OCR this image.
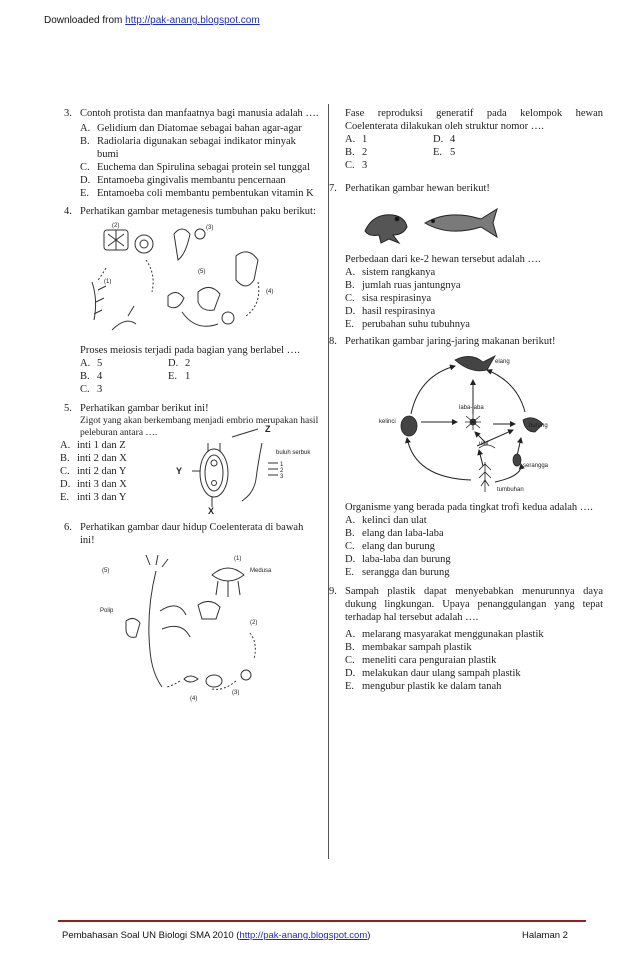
Downloaded from http://pak-anang.blogspot.com
3. Contoh protista dan manfaatnya bagi manusia adalah ….
A. Gelidium dan Diatomae sebagai bahan agar-agar
B. Radiolaria digunakan sebagai indikator minyak bumi
C. Euchema dan Spirulina sebagai protein sel tunggal
D. Entamoeba gingivalis membantu pencernaan
E. Entamoeba coli membantu pembentukan vitamin K
4. Perhatikan gambar metagenesis tumbuhan paku berikut:
(2)	(3)
(5)
(1)
(4)
Proses meiosis terjadi pada bagian yang berlabel ….
A. 5	D. 2
B. 4	E. 1
C. 3
5. Perhatikan gambar berikut ini!
Zigot yang akan berkembang menjadi embrio merupakan hasil peleburan antara ….
A. inti 1 dan Z
B. inti 2 dan X
C. inti 2 dan Y
D. inti 3 dan X
E. inti 3 dan Y
Z
buluh serbuk
1
2
3
Y
X
6. Perhatikan gambar daur hidup Coelenterata di bawah ini!
(1)
Medusa
(5)
Polip
(2)
(3)
(4)
Fase reproduksi generatif pada kelompok hewan Coelenterata dilakukan oleh struktur nomor ….
A. 1	D. 4
B. 2	E. 5
C. 3
7. Perhatikan gambar hewan berikut!
Perbedaan dari ke-2 hewan tersebut adalah ….
A. sistem rangkanya
B. jumlah ruas jantungnya
C. sisa respirasinya
D. hasil respirasinya
E. perubahan suhu tubuhnya
8. Perhatikan gambar jaring-jaring makanan berikut!
elang
laba-laba
kelinci
burung
ulat
serangga
tumbuhan
Organisme yang berada pada tingkat trofi kedua adalah ….
A. kelinci dan ulat
B. elang dan laba-laba
C. elang dan burung
D. laba-laba dan burung
E. serangga dan burung
9. Sampah plastik dapat menyebabkan menurunnya daya dukung lingkungan. Upaya penanggulangan yang tepat terhadap hal tersebut adalah ….
A. melarang masyarakat menggunakan plastik
B. membakar sampah plastik
C. meneliti cara penguraian plastik
D. melakukan daur ulang sampah plastik
E. mengubur plastik ke dalam tanah
Pembahasan Soal UN Biologi SMA 2010 (http://pak-anang.blogspot.com)	Halaman 2
